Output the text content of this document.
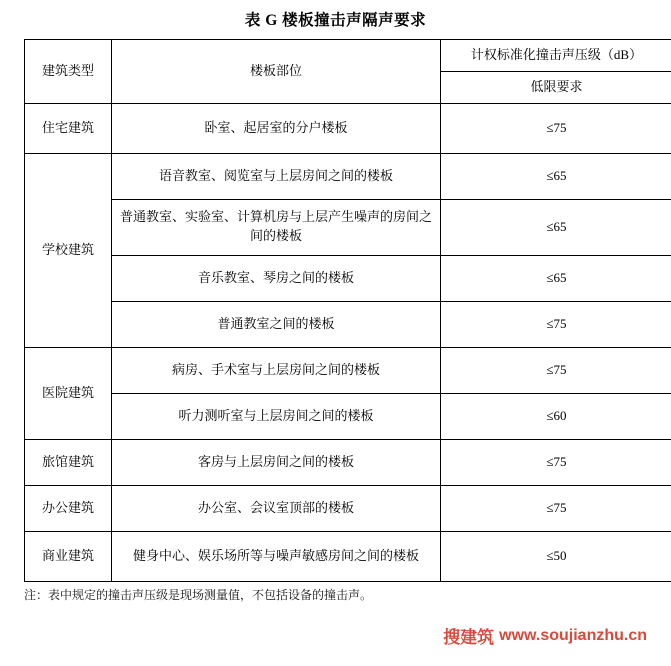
表 G 楼板撞击声隔声要求
建筑类型	楼板部位	计权标准化撞击声压级（dB）
		低限要求
住宅建筑	卧室、起居室的分户楼板	≤75
学校建筑	语音教室、阅览室与上层房间之间的楼板	≤65
	普通教室、实验室、计算机房与上层产生噪声的房间之间的楼板	≤65
	音乐教室、琴房之间的楼板	≤65
	普通教室之间的楼板	≤75
医院建筑	病房、手术室与上层房间之间的楼板	≤75
	听力测听室与上层房间之间的楼板	≤60
旅馆建筑	客房与上层房间之间的楼板	≤75
办公建筑	办公室、会议室顶部的楼板	≤75
商业建筑	健身中心、娱乐场所等与噪声敏感房间之间的楼板	≤50
注：表中规定的撞击声压级是现场测量值，不包括设备的撞击声。
搜建筑 www.soujianzhu.cn
